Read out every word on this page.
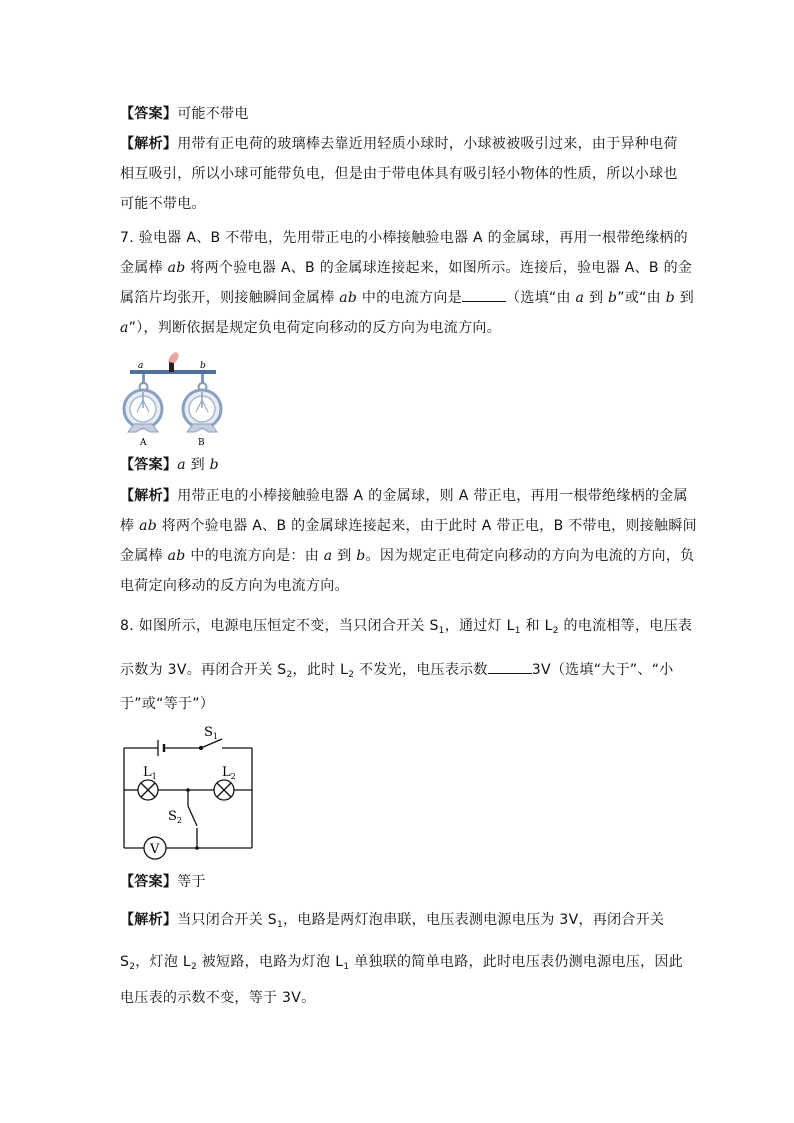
【答案】可能不带电
【解析】用带有正电荷的玻璃棒去靠近用轻质小球时，小球被被吸引过来，由于异种电荷
相互吸引，所以小球可能带负电，但是由于带电体具有吸引轻小物体的性质，所以小球也
可能不带电。
7. 验电器 A、B 不带电，先用带正电的小棒接触验电器 A 的金属球，再用一根带绝缘柄的
金属棒 ab 将两个验电器 A、B 的金属球连接起来，如图所示。连接后，验电器 A、B 的金
属箔片均张开，则接触瞬间金属棒 ab 中的电流方向是	（选填“由 a 到 b”或“由 b 到
a”），判断依据是规定负电荷定向移动的反方向为电流方向。
a	b
A	B
【答案】a 到 b
【解析】用带正电的小棒接触验电器 A 的金属球，则 A 带正电，再用一根带绝缘柄的金属
棒 ab 将两个验电器 A、B 的金属球连接起来，由于此时 A 带正电，B 不带电，则接触瞬间
金属棒 ab 中的电流方向是：由 a 到 b。因为规定正电荷定向移动的方向为电流的方向，负
电荷定向移动的反方向为电流方向。
8. 如图所示，电源电压恒定不变，当只闭合开关 $S_1$，通过灯 $L_1$ 和 $L_2$ 的电流相等，电压表
示数为 3V。再闭合开关 $S_2$，此时 $L_2$ 不发光，电压表示数	3V（选填“大于”、“小
于”或“等于”）
$S_1$
$L_1$	$L_2$
$S_2$
V
【答案】等于
【解析】当只闭合开关 $S_1$，电路是两灯泡串联，电压表测电源电压为 3V，再闭合开关
$S_2$，灯泡 $L_2$ 被短路，电路为灯泡 $L_1$ 单独联的简单电路，此时电压表仍测电源电压，因此
电压表的示数不变，等于 3V。
